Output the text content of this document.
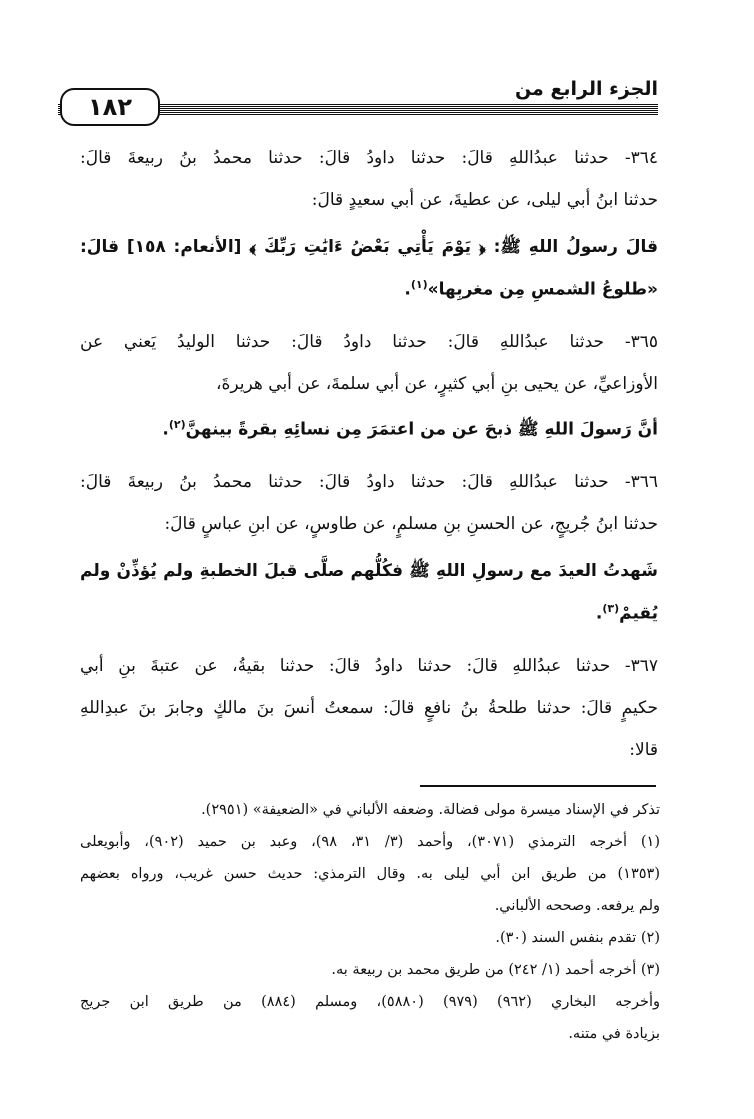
الجزء الرابع من
١٨٢
٣٦٤- حدثنا عبدُاللهِ قالَ: حدثنا داودُ قالَ: حدثنا محمدُ بنُ ربيعةَ قالَ:
حدثنا ابنُ أبي ليلى، عن عطيةَ، عن أبي سعيدٍ قالَ:
قالَ رسولُ اللهِ ﷺ: ﴿ يَوْمَ يَأْتِي بَعْضُ ءَايَٰتِ رَبِّكَ ﴾ [الأنعام: ١٥٨] قالَ:
«طلوعُ الشمسِ مِن مغربِها»$^{(١)}$.
٣٦٥- حدثنا عبدُاللهِ قالَ: حدثنا داودُ قالَ: حدثنا الوليدُ يَعني عن
الأوزاعيِّ، عن يحيى بنِ أبي كثيرٍ، عن أبي سلمةَ، عن أبي هريرةَ،
أنَّ رَسولَ اللهِ ﷺ ذبحَ عن من اعتمَرَ مِن نسائِهِ بقرةً بينهنَّ$^{(٢)}$.
٣٦٦- حدثنا عبدُاللهِ قالَ: حدثنا داودُ قالَ: حدثنا محمدُ بنُ ربيعةَ قالَ:
حدثنا ابنُ جُريجٍ، عن الحسنِ بنِ مسلمٍ، عن طاوسٍ، عن ابنِ عباسٍ قالَ:
شَهدتُ العيدَ مع رسولِ اللهِ ﷺ فكُلُّهم صلَّى قبلَ الخطبةِ ولم يُؤذِّنْ ولم
يُقيمْ$^{(٣)}$.
٣٦٧- حدثنا عبدُاللهِ قالَ: حدثنا داودُ قالَ: حدثنا بقيةُ، عن عتبةَ بنِ أبي
حكيمٍ قالَ: حدثنا طلحةُ بنُ نافعٍ قالَ: سمعتُ أنسَ بنَ مالكٍ وجابرَ بنَ عبدِاللهِ
قالا:
تذكر في الإسناد ميسرة مولى فضالة. وضعفه الألباني في «الضعيفة» (٢٩٥١).
(١) أخرجه الترمذي (٣٠٧١)، وأحمد (٣/ ٣١، ٩٨)، وعبد بن حميد (٩٠٢)، وأبويعلى
(١٣٥٣) من طريق ابن أبي ليلى به. وقال الترمذي: حديث حسن غريب، ورواه بعضهم
ولم يرفعه. وصححه الألباني.
(٢) تقدم بنفس السند (٣٠).
(٣) أخرجه أحمد (١/ ٢٤٢) من طريق محمد بن ربيعة به.
وأخرجه البخاري (٩٦٢) (٩٧٩) (٥٨٨٠)، ومسلم (٨٨٤) من طريق ابن جريج
بزيادة في متنه.
